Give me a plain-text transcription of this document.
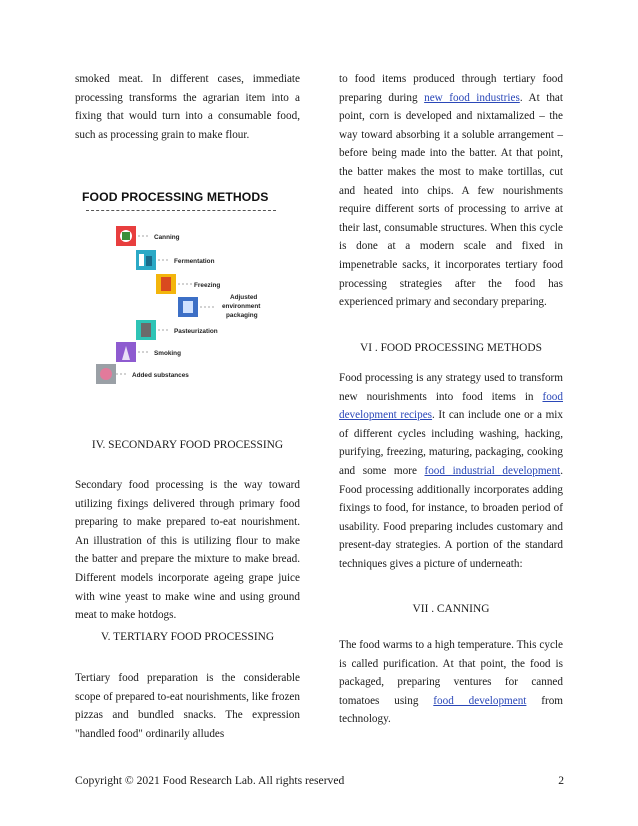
smoked meat. In different cases, immediate processing transforms the agrarian item into a fixing that would turn into a consumable food, such as processing grain to make flour.

FOOD PROCESSING METHODS
Canning
Fermentation
Freezing
Adjusted
environment
packaging
Pasteurization
Smoking
Added substances
IV. SECONDARY FOOD PROCESSING

Secondary food processing is the way toward utilizing fixings delivered through primary food preparing to make prepared to-eat nourishment. An illustration of this is utilizing flour to make the batter and prepare the mixture to make bread. Different models incorporate ageing grape juice with wine yeast to make wine and using ground meat to make hotdogs.

V. TERTIARY FOOD PROCESSING

Tertiary food preparation is the considerable scope of prepared to-eat nourishments, like frozen pizzas and bundled snacks. The expression "handled food" ordinarily alludes

to food items produced through tertiary food preparing during new food industries. At that point, corn is developed and nixtamalized – the way toward absorbing it a soluble arrangement – before being made into the batter. At that point, the batter makes the most to make tortillas, cut and heated into chips. A few nourishments require different sorts of processing to arrive at their last, consumable structures. When this cycle is done at a modern scale and fixed in impenetrable sacks, it incorporates tertiary food processing strategies after the food has experienced primary and secondary preparing.

VI . FOOD PROCESSING METHODS

Food processing is any strategy used to transform new nourishments into food items in food development recipes. It can include one or a mix of different cycles including washing, hacking, purifying, freezing, maturing, packaging, cooking and some more food industrial development. Food processing additionally incorporates adding fixings to food, for instance, to broaden period of usability. Food preparing includes customary and present-day strategies. A portion of the standard techniques gives a picture of underneath:

VII . CANNING

The food warms to a high temperature. This cycle is called purification. At that point, the food is packaged, preparing ventures for canned tomatoes using food development from technology.

Copyright © 2021 Food Research Lab. All rights reserved	2
